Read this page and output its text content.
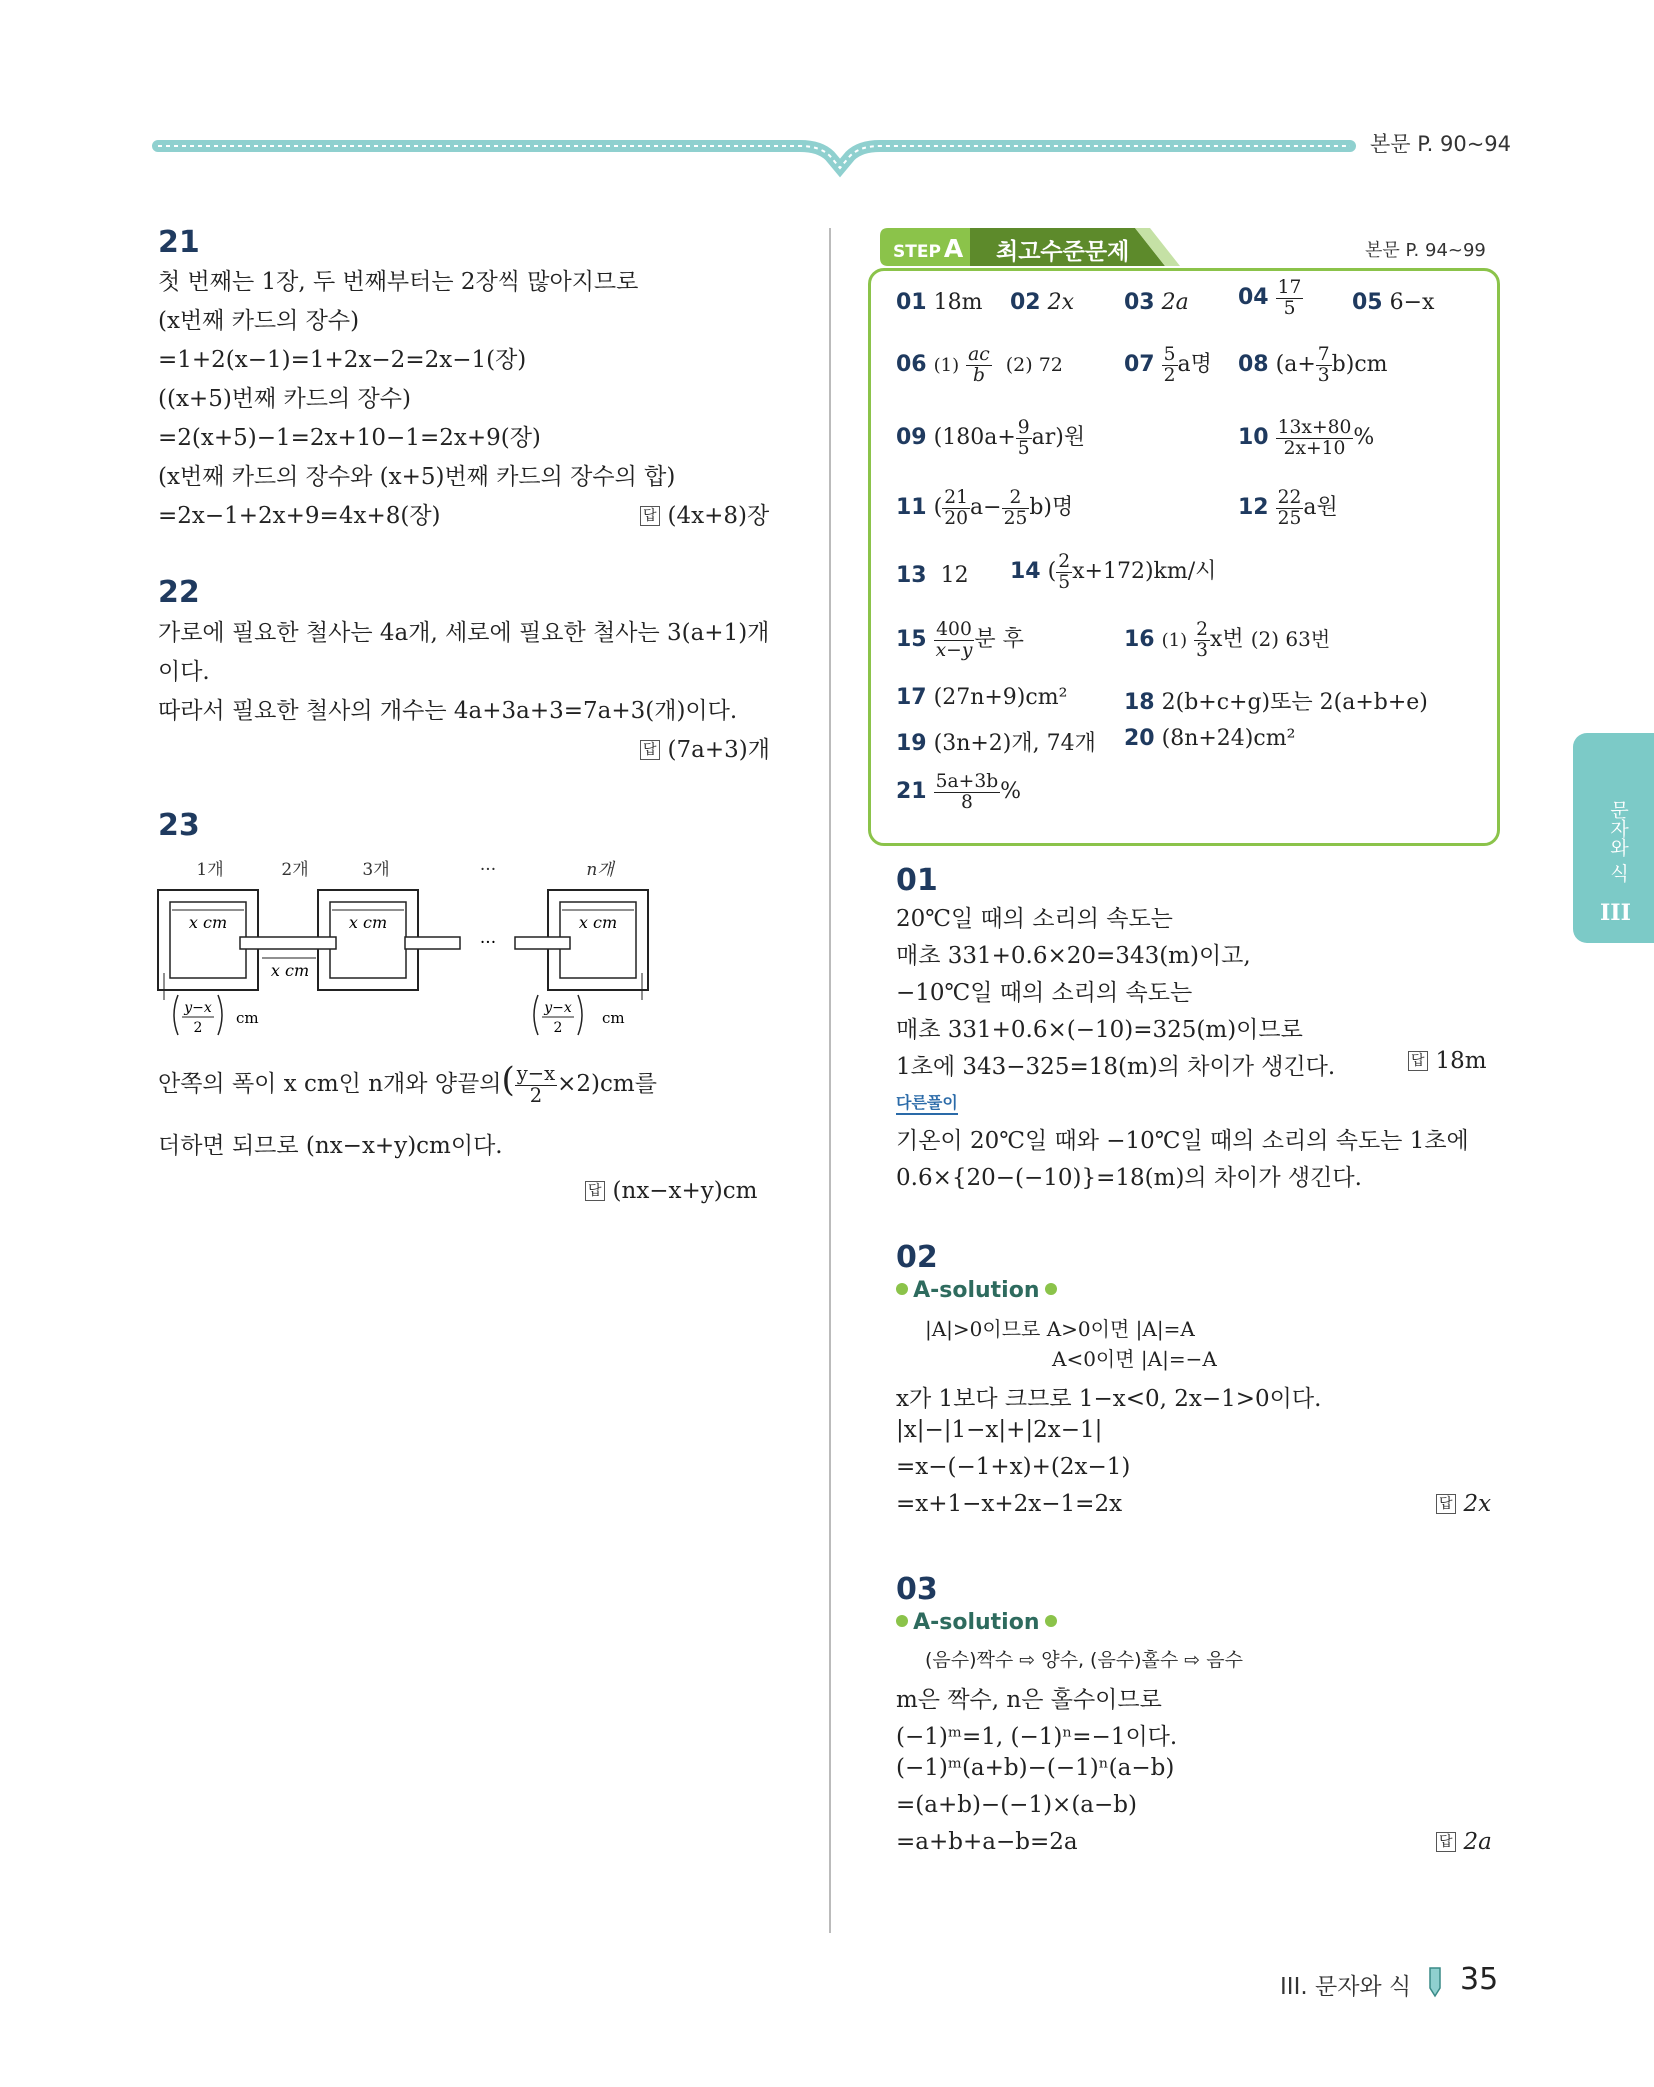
본문 P. 90~94
21
첫 번째는 1장, 두 번째부터는 2장씩 많아지므로
(x번째 카드의 장수)
=1+2(x−1)=1+2x−2=2x−1(장)
((x+5)번째 카드의 장수)
=2(x+5)−1=2x+10−1=2x+9(장)
(x번째 카드의 장수와 (x+5)번째 카드의 장수의 합)
=2x−1+2x+9=4x+8(장)	답 (4x+8)장
22
가로에 필요한 철사는 4a개, 세로에 필요한 철사는 3(a+1)개
이다.
따라서 필요한 철사의 개수는 4a+3a+3=7a+3(개)이다.
답 (7a+3)개
23
1개	2개	3개	···	n개
···
x cm	x cm	x cm
x cm
y−x
2
cm
y−x
2
cm
안쪽의 폭이 x cm인 n개와 양끝의( $\frac{y-x}{2} \times 2)cm$를
더하면 되므로 (nx−x+y)cm이다.
답 (nx−x+y)cm
STEP A 최고수준문제	본문 P. 94~99
01 18m 02 2x 03 2a $04 \frac{17}{5} 05$ 6−x
06 $(1) \frac{ac}{b} (2)$ 72	$07 \frac{5}{2}$ a명 08 $(a+ \frac{7}{3} b)cm$
09 $(180a+ \frac{9}{5} ar)$원	$10 \frac{13x+80}{2x+10}$ %
11 ( $\frac{21}{20} a- \frac{2}{25} b$)명	$12 \frac{22}{25}$ a원
13 12 14 ( $\frac{2}{5} x+172)km/$시
$15 \frac{400}{x-y}$ 분 후	16 $(1) \frac{2}{3}$ x번 (2) 63번
17 (27n+9)cm²	18 2(b+c+g)또는 2(a+b+e)
19 (3n+2)개, 74개 20 (8n+24)cm²
$21 \frac{5a+3b}{8}$ %
01
20℃일 때의 소리의 속도는
매초 331+0.6×20=343(m)이고,
−10℃일 때의 소리의 속도는
매초 331+0.6×(−10)=325(m)이므로
1초에 343−325=18(m)의 차이가 생긴다.	답 18m
다른풀이
기온이 20℃일 때와 −10℃일 때의 소리의 속도는 1초에
0.6×{20−(−10)}=18(m)의 차이가 생긴다.
02
A-solution
|A|>0이므로 A>0이면 |A|=A
A<0이면 |A|=−A
x가 1보다 크므로 1−x<0, 2x−1>0이다.
|x|−|1−x|+|2x−1|
=x−(−1+x)+(2x−1)
=x+1−x+2x−1=2x	답 2x
03
A-solution
(음수)짝수 ⇨ 양수, (음수)홀수 ⇨ 음수
m은 짝수, n은 홀수이므로
(−1)ᵐ=1, (−1)ⁿ=−1이다.
(−1)ᵐ(a+b)−(−1)ⁿ(a−b)
=(a+b)−(−1)×(a−b)
=a+b+a−b=2a	답 2a
문자와 식
III
III. 문자와 식 35
